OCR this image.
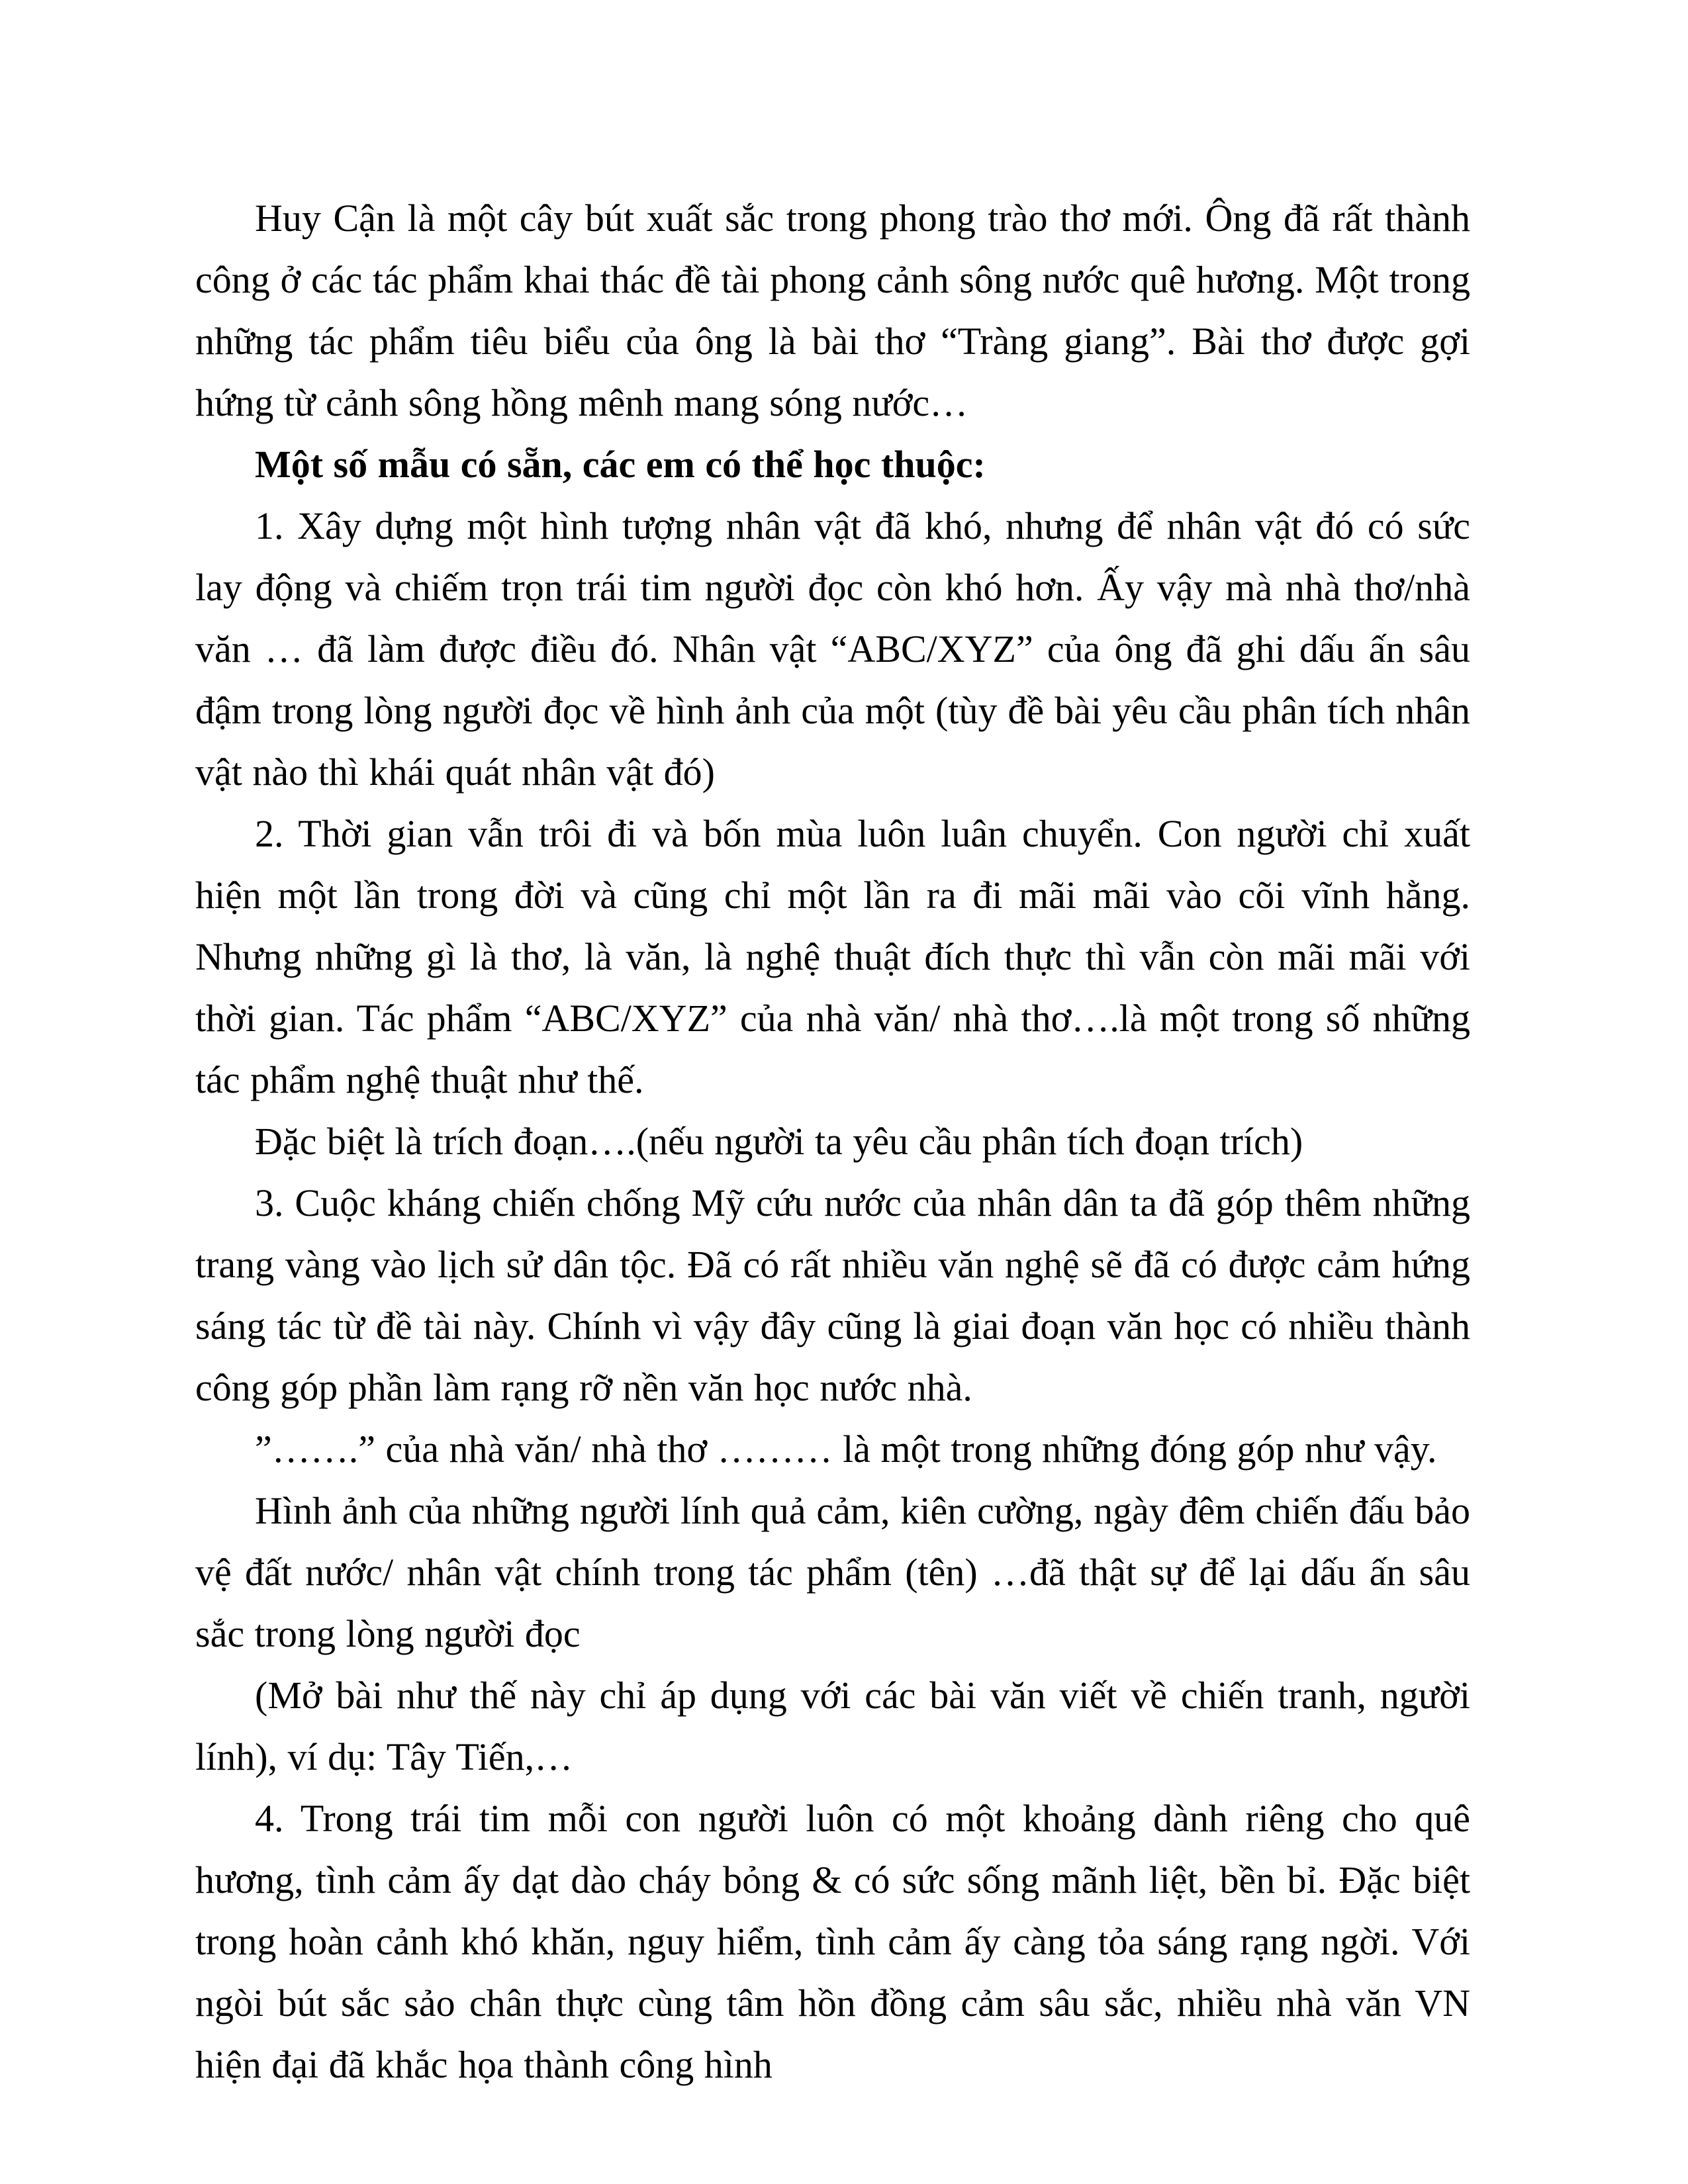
Huy Cận là một cây bút xuất sắc trong phong trào thơ mới. Ông đã rất thành công ở các tác phẩm khai thác đề tài phong cảnh sông nước quê hương. Một trong những tác phẩm tiêu biểu của ông là bài thơ “Tràng giang”. Bài thơ được gợi hứng từ cảnh sông hồng mênh mang sóng nước…

Một số mẫu có sẵn, các em có thể học thuộc:

1. Xây dựng một hình tượng nhân vật đã khó, nhưng để nhân vật đó có sức lay động và chiếm trọn trái tim người đọc còn khó hơn. Ấy vậy mà nhà thơ/nhà văn … đã làm được điều đó. Nhân vật “ABC/XYZ” của ông đã ghi dấu ấn sâu đậm trong lòng người đọc về hình ảnh của một (tùy đề bài yêu cầu phân tích nhân vật nào thì khái quát nhân vật đó)

2. Thời gian vẫn trôi đi và bốn mùa luôn luân chuyển. Con người chỉ xuất hiện một lần trong đời và cũng chỉ một lần ra đi mãi mãi vào cõi vĩnh hằng. Nhưng những gì là thơ, là văn, là nghệ thuật đích thực thì vẫn còn mãi mãi với thời gian. Tác phẩm “ABC/XYZ” của nhà văn/ nhà thơ….là một trong số những tác phẩm nghệ thuật như thế.

Đặc biệt là trích đoạn….(nếu người ta yêu cầu phân tích đoạn trích)

3. Cuộc kháng chiến chống Mỹ cứu nước của nhân dân ta đã góp thêm những trang vàng vào lịch sử dân tộc. Đã có rất nhiều văn nghệ sẽ đã có được cảm hứng sáng tác từ đề tài này. Chính vì vậy đây cũng là giai đoạn văn học có nhiều thành công góp phần làm rạng rỡ nền văn học nước nhà.

”…….” của nhà văn/ nhà thơ ……… là một trong những đóng góp như vậy.

Hình ảnh của những người lính quả cảm, kiên cường, ngày đêm chiến đấu bảo vệ đất nước/ nhân vật chính trong tác phẩm (tên) …đã thật sự để lại dấu ấn sâu sắc trong lòng người đọc

(Mở bài như thế này chỉ áp dụng với các bài văn viết về chiến tranh, người lính), ví dụ: Tây Tiến,…

4. Trong trái tim mỗi con người luôn có một khoảng dành riêng cho quê hương, tình cảm ấy dạt dào cháy bỏng & có sức sống mãnh liệt, bền bỉ. Đặc biệt trong hoàn cảnh khó khăn, nguy hiểm, tình cảm ấy càng tỏa sáng rạng ngời. Với ngòi bút sắc sảo chân thực cùng tâm hồn đồng cảm sâu sắc, nhiều nhà văn VN hiện đại đã khắc họa thành công hình
